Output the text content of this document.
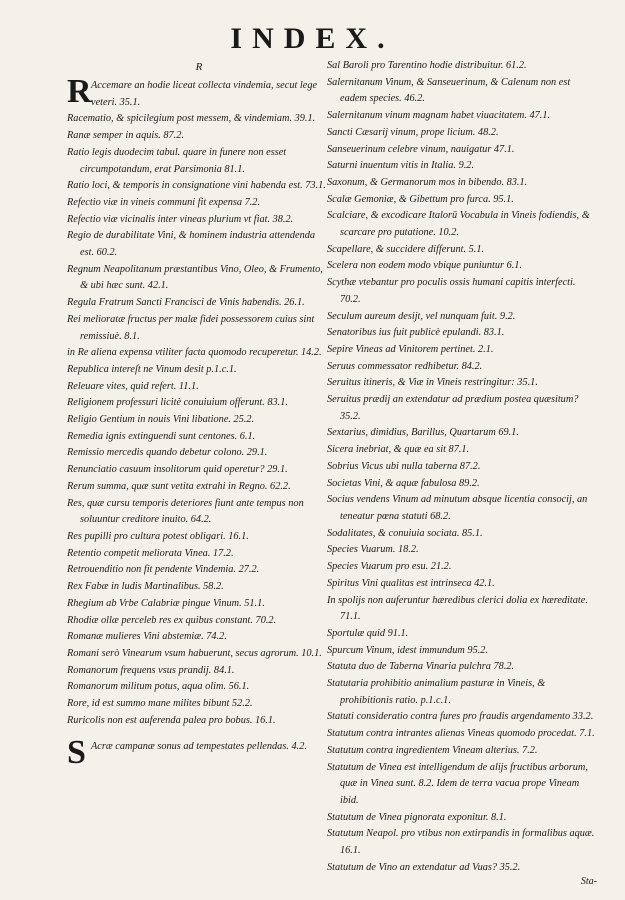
INDEX.
R

R Accemare an hodie liceat collecta vindemia, secut lege veteri. 35.1.

Racematio, & spicilegium post messem, & vindemiam. 39.1.

Ranæ semper in aquis. 87.2.

Ratio legis duodecim tabul. quare in funere non esset circumpotandum, erat Parsimonia 81.1.

Ratio loci, & temporis in consignatione vini habenda est. 73.1.

Refectio viæ in vineis communi fit expensa 7.2.

Refectio viæ vicinalis inter vineas plurium vt fiat. 38.2.

Regio de durabilitate Vini, & hominem industria attendenda est. 60.2.

Regnum Neapolitanum præstantibus Vino, Oleo, & Frumento, & ubi hæc sunt. 42.1.

Regula Fratrum Sancti Francisci de Vinis habendis. 26.1.

Rei melioratæ fructus per malæ fidei possessorem cuius sint remissiuè. 8.1.

in Re aliena expensa vtiliter facta quomodo recuperetur. 14.2.

Republica intereſt ne Vinum desit p.1.c.1.

Releuare vites, quid refert. 11.1.

Religionem professuri licitè conuiuium offerunt. 83.1.

Religio Gentium in nouis Vini libatione. 25.2.

Remedia ignis extinguendi sunt centones. 6.1.

Remissio mercedis quando debetur colono. 29.1.

Renunciatio casuum insolitorum quid operetur? 29.1.

Rerum summa, quæ sunt vetita extrahi in Regno. 62.2.

Res, quæ cursu temporis deteriores fiunt ante tempus non soluuntur creditore inuito. 64.2.

Res pupilli pro cultura potest obligari. 16.1.

Retentio competit meliorata Vinea. 17.2.

Retrouenditio non fit pendente Vindemia. 27.2.

Rex Fabæ in ludis Martinalibus. 58.2.

Rhegium ab Vrbe Calabriæ pingue Vinum. 51.1.

Rhodiæ ollæ perceleb res ex quibus constant. 70.2.

Romanæ mulieres Vini abstemiæ. 74.2.

Romani serò Vinearum vsum habuerunt, secus agrorum. 10.1.

Romanorum frequens vsus prandij. 84.1.

Romanorum militum potus, aqua olim. 56.1.

Rore, id est summo mane milites bibunt 52.2.

Ruricolis non est auferenda palea pro bobus. 16.1.

S Acræ campanæ sonus ad tempestates pellendas. 4.2.

Sal Baroli pro Tarentino hodie distribuitur. 61.2.

Salernitanum Vinum, & Sanseuerinum, & Calenum non est eadem species. 46.2.

Salernitanum vinum magnam habet viuacitatem. 47.1.

Sancti Cæsarij vinum, prope licium. 48.2.

Sanseuerinum celebre vinum, nauigatur 47.1.

Saturni inuentum vitis in Italia. 9.2.

Saxonum, & Germanorum mos in bibendo. 83.1.

Scalæ Gemoniæ, & Gibettum pro furca. 95.1.

Scalciare, & excodicare Italorū Vocabula in Vineis fodiendis, & scarcare pro putatione. 10.2.

Scapellare, & succidere differunt. 5.1.

Scelera non eodem modo vbique puniuntur 6.1.

Scythæ vtebantur pro poculis ossis humani capitis interfecti. 70.2.

Seculum aureum desijt, vel nunquam fuit. 9.2.

Senatoribus ius fuit publicè epulandi. 83.1.

Sepire Vineas ad Vinitorem pertinet. 2.1.

Seruus commessator redhibetur. 84.2.

Seruitus itineris, & Viæ in Vineis restringitur: 35.1.

Seruitus prædij an extendatur ad prædium postea quæsitum? 35.2.

Sextarius, dimidius, Barillus, Quartarum 69.1.

Sicera inebriat, & quæ ea sit 87.1.

Sobrius Vicus ubi nulla taberna 87.2.

Societas Vini, & aquæ fabulosa 89.2.

Socius vendens Vinum ad minutum absque licentia consocij, an teneatur pœna statuti 68.2.

Sodalitates, & conuiuia sociata. 85.1.

Species Vuarum. 18.2.

Species Vuarum pro esu. 21.2.

Spiritus Vini qualitas est intrinseca 42.1.

In spolijs non auferuntur hæredibus clerici dolia ex hæreditate. 71.1.

Sportulæ quid 91.1.

Spurcum Vinum, idest immundum 95.2.

Statuta duo de Taberna Vinaria pulchra 78.2.

Statutaria prohibitio animalium pasturæ in Vineis, & prohibitionis ratio. p.1.c.1.

Statuti consideratio contra fures pro fraudis argendamento 33.2.

Statutum contra intrantes alienas Vineas quomodo procedat. 7.1.

Statutum contra ingredientem Vineam alterius. 7.2.

Statutum de Vinea est intelligendum de alijs fructibus arborum, quæ in Vinea sunt. 8.2. Idem de terra vacua prope Vineam ibid.

Statutum de Vinea pignorata exponitur. 8.1.

Statutum Neapol. pro vtibus non extirpandis in formalibus aquæ. 16.1.

Statutum de Vino an extendatur ad Vuas? 35.2.

Sta-
